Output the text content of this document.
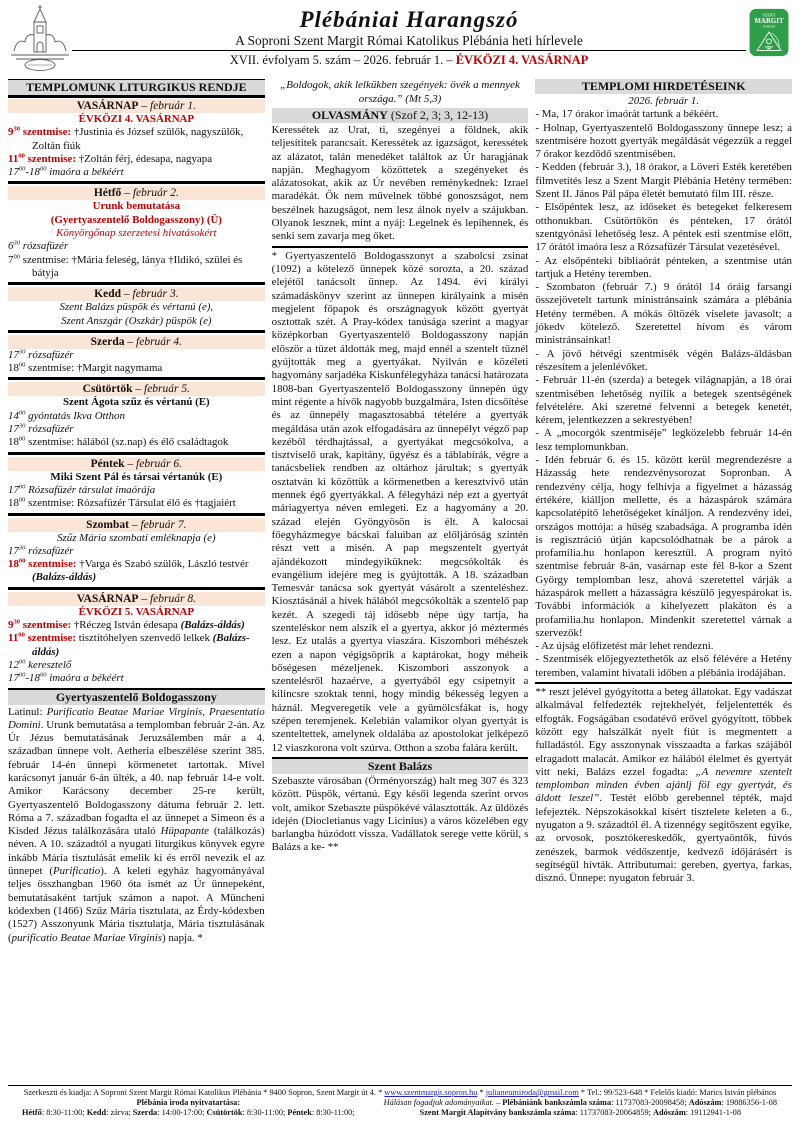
Plébániai Harangszó
A Soproni Szent Margit Római Katolikus Plébánia heti hírlevele
XVII. évfolyam 5. szám – 2026. február 1. – ÉVKÖZI 4. VASÁRNAP
SZENT
MARGIT
SOPRON
TEMPLOMUNK LITURGIKUS RENDJE
VASÁRNAP – február 1.
ÉVKÖZI 4. VASÁRNAP
$9^{30}$ szentmise: †Justinia és József szülők, nagyszülők, Zoltán fiúk
$11^{00}$ szentmise: †Zoltán férj, édesapa, nagyapa
$17^{00}-18^{00}$ imaóra a békéért
Hétfő – február 2.
Urunk bemutatása
(Gyertyaszentelő Boldogasszony) (Ü)
Könyörgőnap szerzetesi hivatásokért
$6^{30}$ rózsafüzér
$7^{00}$ szentmise: †Mária feleség, lánya †Ildikó, szülei és bátyja
Kedd – február 3.
Szent Balázs püspök és vértanú (e),
Szent Anszgár (Oszkár) püspök (e)
Szerda – február 4.
$17^{30}$ rózsafüzér
$18^{00}$ szentmise: †Margit nagymama
Csütörtök – február 5.
Szent Ágota szűz és vértanú (E)
$14^{00}$ gyóntatás Ikva Otthon
$17^{30}$ rózsafüzér
$18^{00}$ szentmise: hálából (sz.nap) és élő családtagok
Péntek – február 6.
Miki Szent Pál és társai vértanúk (E)
$17^{00}$ Rózsafüzér társulat imaórája
$18^{00}$ szentmise: Rózsafüzér Társulat élő és †tagjaiért
Szombat – február 7.
Szűz Mária szombati emléknapja (e)
$17^{30}$ rózsafüzér
$18^{00}$ szentmise: †Varga és Szabó szülők, László testvér (Balázs-áldás)
VASÁRNAP – február 8.
ÉVKÖZI 5. VASÁRNAP
$9^{30}$ szentmise: †Réczeg István édesapa (Balázs-áldás)
$11^{00}$ szentmise: tisztítóhelyen szenvedő lelkek (Balázs-áldás)
$12^{00}$ keresztelő
$17^{00}-18^{00}$ imaóra a békéért
Gyertyaszentelő Boldogasszony
Latinul: Purificatio Beatae Mariae Virginis, Praesentatio Domini. Urunk bemutatása a templomban február 2-án. Az Úr Jézus bemutatásának Jeruzsálemben már a 4. században ünnepe volt. Aetheria elbeszélése szerint 385. február 14-én ünnepi körmenetet tartottak. Mivel karácsonyt január 6-án ülték, a 40. nap február 14-e volt. Amikor Karácsony december 25-re került, Gyertyaszentelő Boldogasszony dátuma február 2. lett. Róma a 7. században fogadta el az ünnepet a Simeon és a Kisded Jézus találkozására utaló Hüpapante (találkozás) néven. A 10. századtól a nyugati liturgikus könyvek egyre inkább Mária tisztulását emelik ki és erről nevezik el az ünnepet (Purificatio). A keleti egyház hagyományával teljes összhangban 1960 óta ismét az Úr ünnepeként, bemutatásaként tartjuk számon a napot. A Müncheni kódexben (1466) Szűz Mária tisztulata, az Érdy-kódexben (1527) Asszonyunk Mária tisztulatja, Mária tisztulásának (purificatio Beatae Mariae Virginis) napja. *
„Boldogok, akik lelkükben szegények: övék a mennyek országa.” (Mt 5,3)
OLVASMÁNY (Szof 2, 3; 3, 12-13)
Keressétek az Urat, ti, szegényei a földnek, akik teljesítitek parancsait. Keressétek az igazságot, keressétek az alázatot, talán menedéket találtok az Úr haragjának napján. Meghagyom közöttetek a szegényeket és alázatosokat, akik az Úr nevében reménykednek: Izrael maradékát. Ők nem művelnek többé gonoszságot, nem beszélnek hazugságot, nem lesz álnok nyelv a szájukban. Olyanok lesznek, mint a nyáj: Legelnek és lepihennek, és senki sem zavarja meg őket.
* Gyertyaszentelő Boldogasszonyt a szabolcsi zsinat (1092) a kötelező ünnepek közé sorozta, a 20. század elejétől tanácsolt ünnep. Az 1494. évi királyi számadáskönyv szerint az ünnepen királyaink a misén megjelent főpapok és országnagyok között gyertyát osztottak szét. A Pray-kódex tanúsága szerint a magyar középkorban Gyertyaszentelő Boldogasszony napján először a tüzet áldották meg, majd ennél a szentelt tűznél gyújtották meg a gyertyákat. Nyilván e közéleti hagyomány sarjadéka Kiskunfélegyháza tanácsi határozata 1808-ban Gyertyaszentelő Boldogasszony ünnepén úgy mint régente a hívők nagyobb buzgalmára, Isten dicsőítése és az ünnepély magasztosabbá tételére a gyertyák megáldása után azok elfogadására az ünnepélyt végző pap kezéből térdhajtással, a gyertyákat megcsókolva, a tisztviselő urak, kapitány, ügyész és a táblabírák, végre a tanácsbeliek rendben az oltárhoz járultak; s gyertyák osztatván ki közöttük a körmenetben a keresztvivő után mennek égő gyertyákkal. A félegyházi nép ezt a gyertyát máriagyertya néven emlegeti. Ez a hagyomány a 20. század elején Gyöngyösön is élt. A kalocsai főegyházmegye bácskai faluiban az előljáróság szintén részt vett a misén. A pap megszentelt gyertyát ajándékozott mindegyiküknek: megcsókolták és evangélium idejére meg is gyújtották. A 18. században Temesvár tanácsa sok gyertyát vásárolt a szenteléshez. Kiosztásánál a hívek hálából megcsókolták a szentelő pap kezét. A szegedi táj idősebb népe úgy tartja, ha szenteléskor nem alszik el a gyertya, akkor jó méztermés lesz. Ez utalás a gyertya viaszára. Kiszombori méhészek ezen a napon végigsöprik a kaptárokat, hogy méheik bőségesen mézeljenek. Kiszombori asszonyok a szentelésről hazaérve, a gyertyából egy csipetnyit a kilincsre szoktak tenni, hogy mindig békesség legyen a háznál. Megveregetik vele a gyümölcsfákat is, hogy szépen teremjenek. Kelebián valamikor olyan gyertyát is szenteltettek, amelynek oldalába az apostolokat jelképező 12 viaszkorona volt szúrva. Otthon a szoba falára került.
Szent Balázs
Szebaszte városában (Örményország) halt meg 307 és 323 között. Püspök, vértanú. Egy késői legenda szerint orvos volt, amikor Szebaszte püspökévé választották. Az üldözés idején (Diocletianus vagy Licinius) a város közelében egy barlangba húzódott vissza. Vadállatok serege vette körül, s Balázs a ke- **
TEMPLOMI HIRDETÉSEINK
2026. február 1.
- Ma, 17 órakor imaórát tartunk a békéért.
- Holnap, Gyertyaszentelő Boldogasszony ünnepe lesz; a szentmisére hozott gyertyák megáldását végezzük a reggel 7 órakor kezdődő szentmisében.
- Kedden (február 3.), 18 órakor, a Löveri Esték keretében filmvetítés lesz a Szent Margit Plébánia Hetény termében: Szent II. János Pál pápa életét bemutató film III. része.
- Elsőpéntek lesz, az időseket és betegeket felkeresem otthonukban. Csütörtökön és pénteken, 17 órától szentgyónási lehetőség lesz. A péntek esti szentmise előtt, 17 órától imaóra lesz a Rózsafüzér Társulat vezetésével.
- Az elsőpénteki bibliaórát pénteken, a szentmise után tartjuk a Hetény teremben.
- Szombaton (február 7.) 9 órától 14 óráig farsangi összejövetelt tartunk ministránsaink számára a plébánia Hetény termében. A mókás öltözék viselete javasolt; a jókedv kötelező. Szeretettel hívom és várom ministránsainkat!
- A jövő hétvégi szentmisék végén Balázs-áldásban részesítem a jelenlévőket.
- Február 11-én (szerda) a betegek világnapján, a 18 órai szentmisében lehetőség nyílik a betegek szentségének felvételére. Aki szeretné felvenni a betegek kenetét, kérem, jelentkezzen a sekrestyében!
- A „mocorgók szentmiséje” legközelebb február 14-én lesz templomunkban.
- Idén február 6. és 15. között kerül megrendezésre a Házasság hete rendezvénysorozat Sopronban. A rendezvény célja, hogy felhívja a figyelmet a házasság értékére, kiálljon mellette, és a házaspárok számára kapcsolatépítő lehetőségeket kínáljon. A rendezvény idei, országos mottója: a hűség szabadsága. A programba idén is regisztráció útján kapcsolódhatnak be a párok a profamilia.hu honlapon keresztül. A program nyitó szentmise február 8-án, vasárnap este fél 8-kor a Szent György templomban lesz, ahová szeretettel várják a házaspárok mellett a házasságra készülő jegyespárokat is. További információk a kihelyezett plakáton és a profamilia.hu honlapon. Mindenkit szeretettel várnak a szervezők!
- Az újság előfizetést már lehet rendezni.
- Szentmisék előjegyeztethetők az első félévére a Hetény teremben, valamint hivatali időben a plébánia irodájában.
** reszt jelével gyógyította a beteg állatokat. Egy vadászat alkalmával felfedezték rejtekhelyét, feljelentették és elfogták. Fogságában csodatévő erővel gyógyított, többek között egy halszálkát nyelt fiút is megmentett a fulladástól. Egy asszonynak visszaadta a farkas szájából elragadott malacát. Amikor ez hálából élelmet és gyertyát vitt neki, Balázs ezzel fogadta: „A nevemre szentelt templomban minden évben ajánlj föl egy gyertyát, és áldott leszel”. Testét előbb gerebennel tépték, majd lefejezték. Népszokásokkal kísért tisztelete keleten a 6., nyugaton a 9. századtól él. A tizennégy segítőszent egyike, az orvosok, posztókereskedők, gyertyaöntők, fúvós zenészek, barmok védőszentje, kedvező időjárásért is segítségül hívták. Attributumai: gereben, gyertya, farkas, disznó. Ünnepe: nyugaton február 3.
Szerkeszti és kiadja: A Soproni Szent Margit Római Katolikus Plébánia * 9400 Sopron, Szent Margit út 4. * www.szentmargit.sopron.hu * julianeumiroda@gmail.com * Tel.: 99/523-648 * Felelős kiadó: Marics István plébános
Plébánia iroda nyitvatartása:
Hétfő: 8:30-11:00; Kedd: zárva; Szerda: 14:00-17:00; Csütörtök: 8:30-11:00; Péntek: 8:30-11:00;
Hálásan fogadjuk adományaikat. – Plébániánk bankszámla száma: 11737083-20098458; Adószám: 19886356-1-08
Szent Margit Alapítvány bankszámla száma: 11737083-20064859; Adószám: 19112941-1-08
